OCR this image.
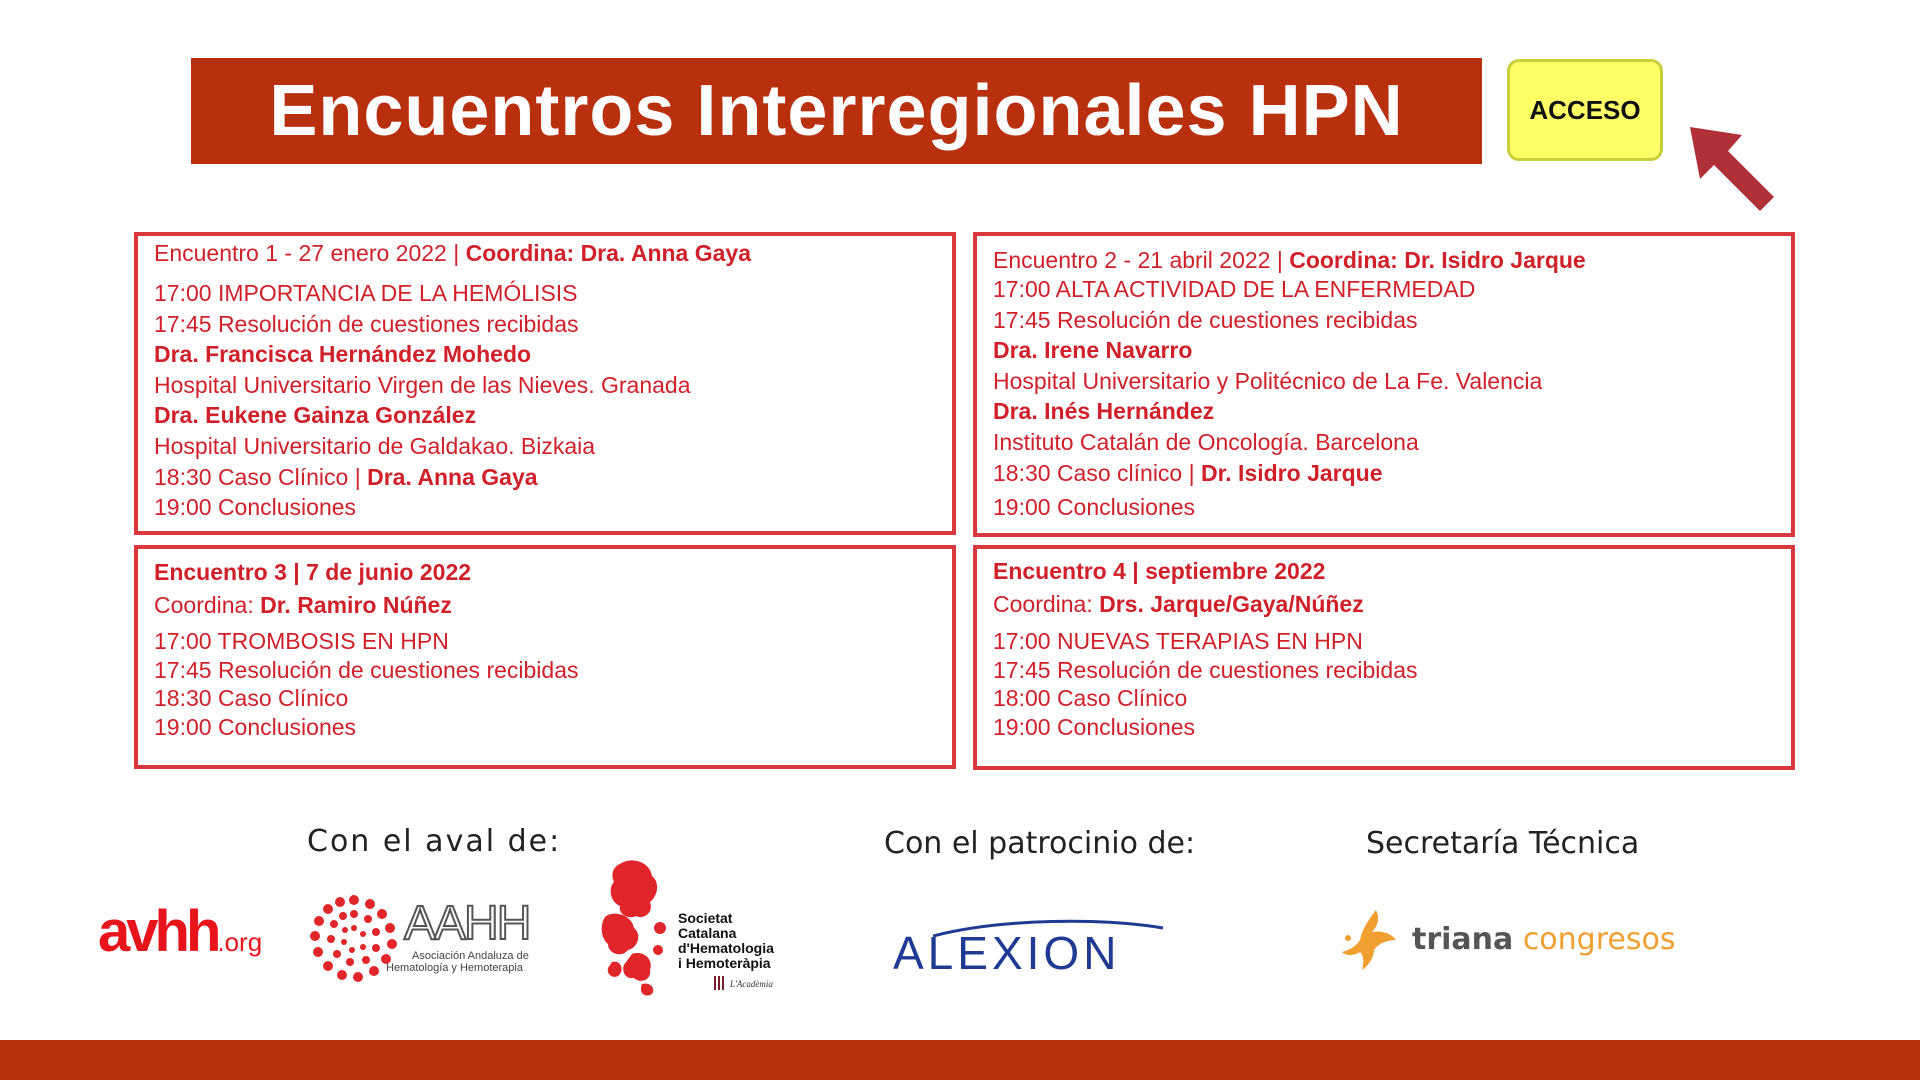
Encuentros Interregionales HPN	ACCESO

Encuentro 1 - 27 enero 2022 | Coordina: Dra. Anna Gaya

17:00 IMPORTANCIA DE LA HEMÓLISIS

17:45 Resolución de cuestiones recibidas

Dra. Francisca Hernández Mohedo

Hospital Universitario Virgen de las Nieves. Granada

Dra. Eukene Gainza González

Hospital Universitario de Galdakao. Bizkaia

18:30 Caso Clínico | Dra. Anna Gaya

19:00 Conclusiones

Encuentro 2 - 21 abril 2022 | Coordina: Dr. Isidro Jarque

17:00 ALTA ACTIVIDAD DE LA ENFERMEDAD

17:45 Resolución de cuestiones recibidas

Dra. Irene Navarro

Hospital Universitario y Politécnico de La Fe. Valencia

Dra. Inés Hernández

Instituto Catalán de Oncología. Barcelona

18:30 Caso clínico | Dr. Isidro Jarque

19:00 Conclusiones

Encuentro 3 | 7 de junio 2022

Coordina: Dr. Ramiro Núñez

17:00 TROMBOSIS EN HPN

17:45 Resolución de cuestiones recibidas

18:30 Caso Clínico

19:00 Conclusiones

Encuentro 4 | septiembre 2022

Coordina: Drs. Jarque/Gaya/Núñez

17:00 NUEVAS TERAPIAS EN HPN

17:45 Resolución de cuestiones recibidas

18:00 Caso Clínico

19:00 Conclusiones

Con el aval de:	Con el patrocinio de:	Secretaría Técnica
avhh.org	AAHH
Asociación Andaluza de
Hematología y Hemoterapia
Societat
Catalana
d'Hematologia
i Hemoteràpia
L'Acadèmia
ALEXION	triana congresos
